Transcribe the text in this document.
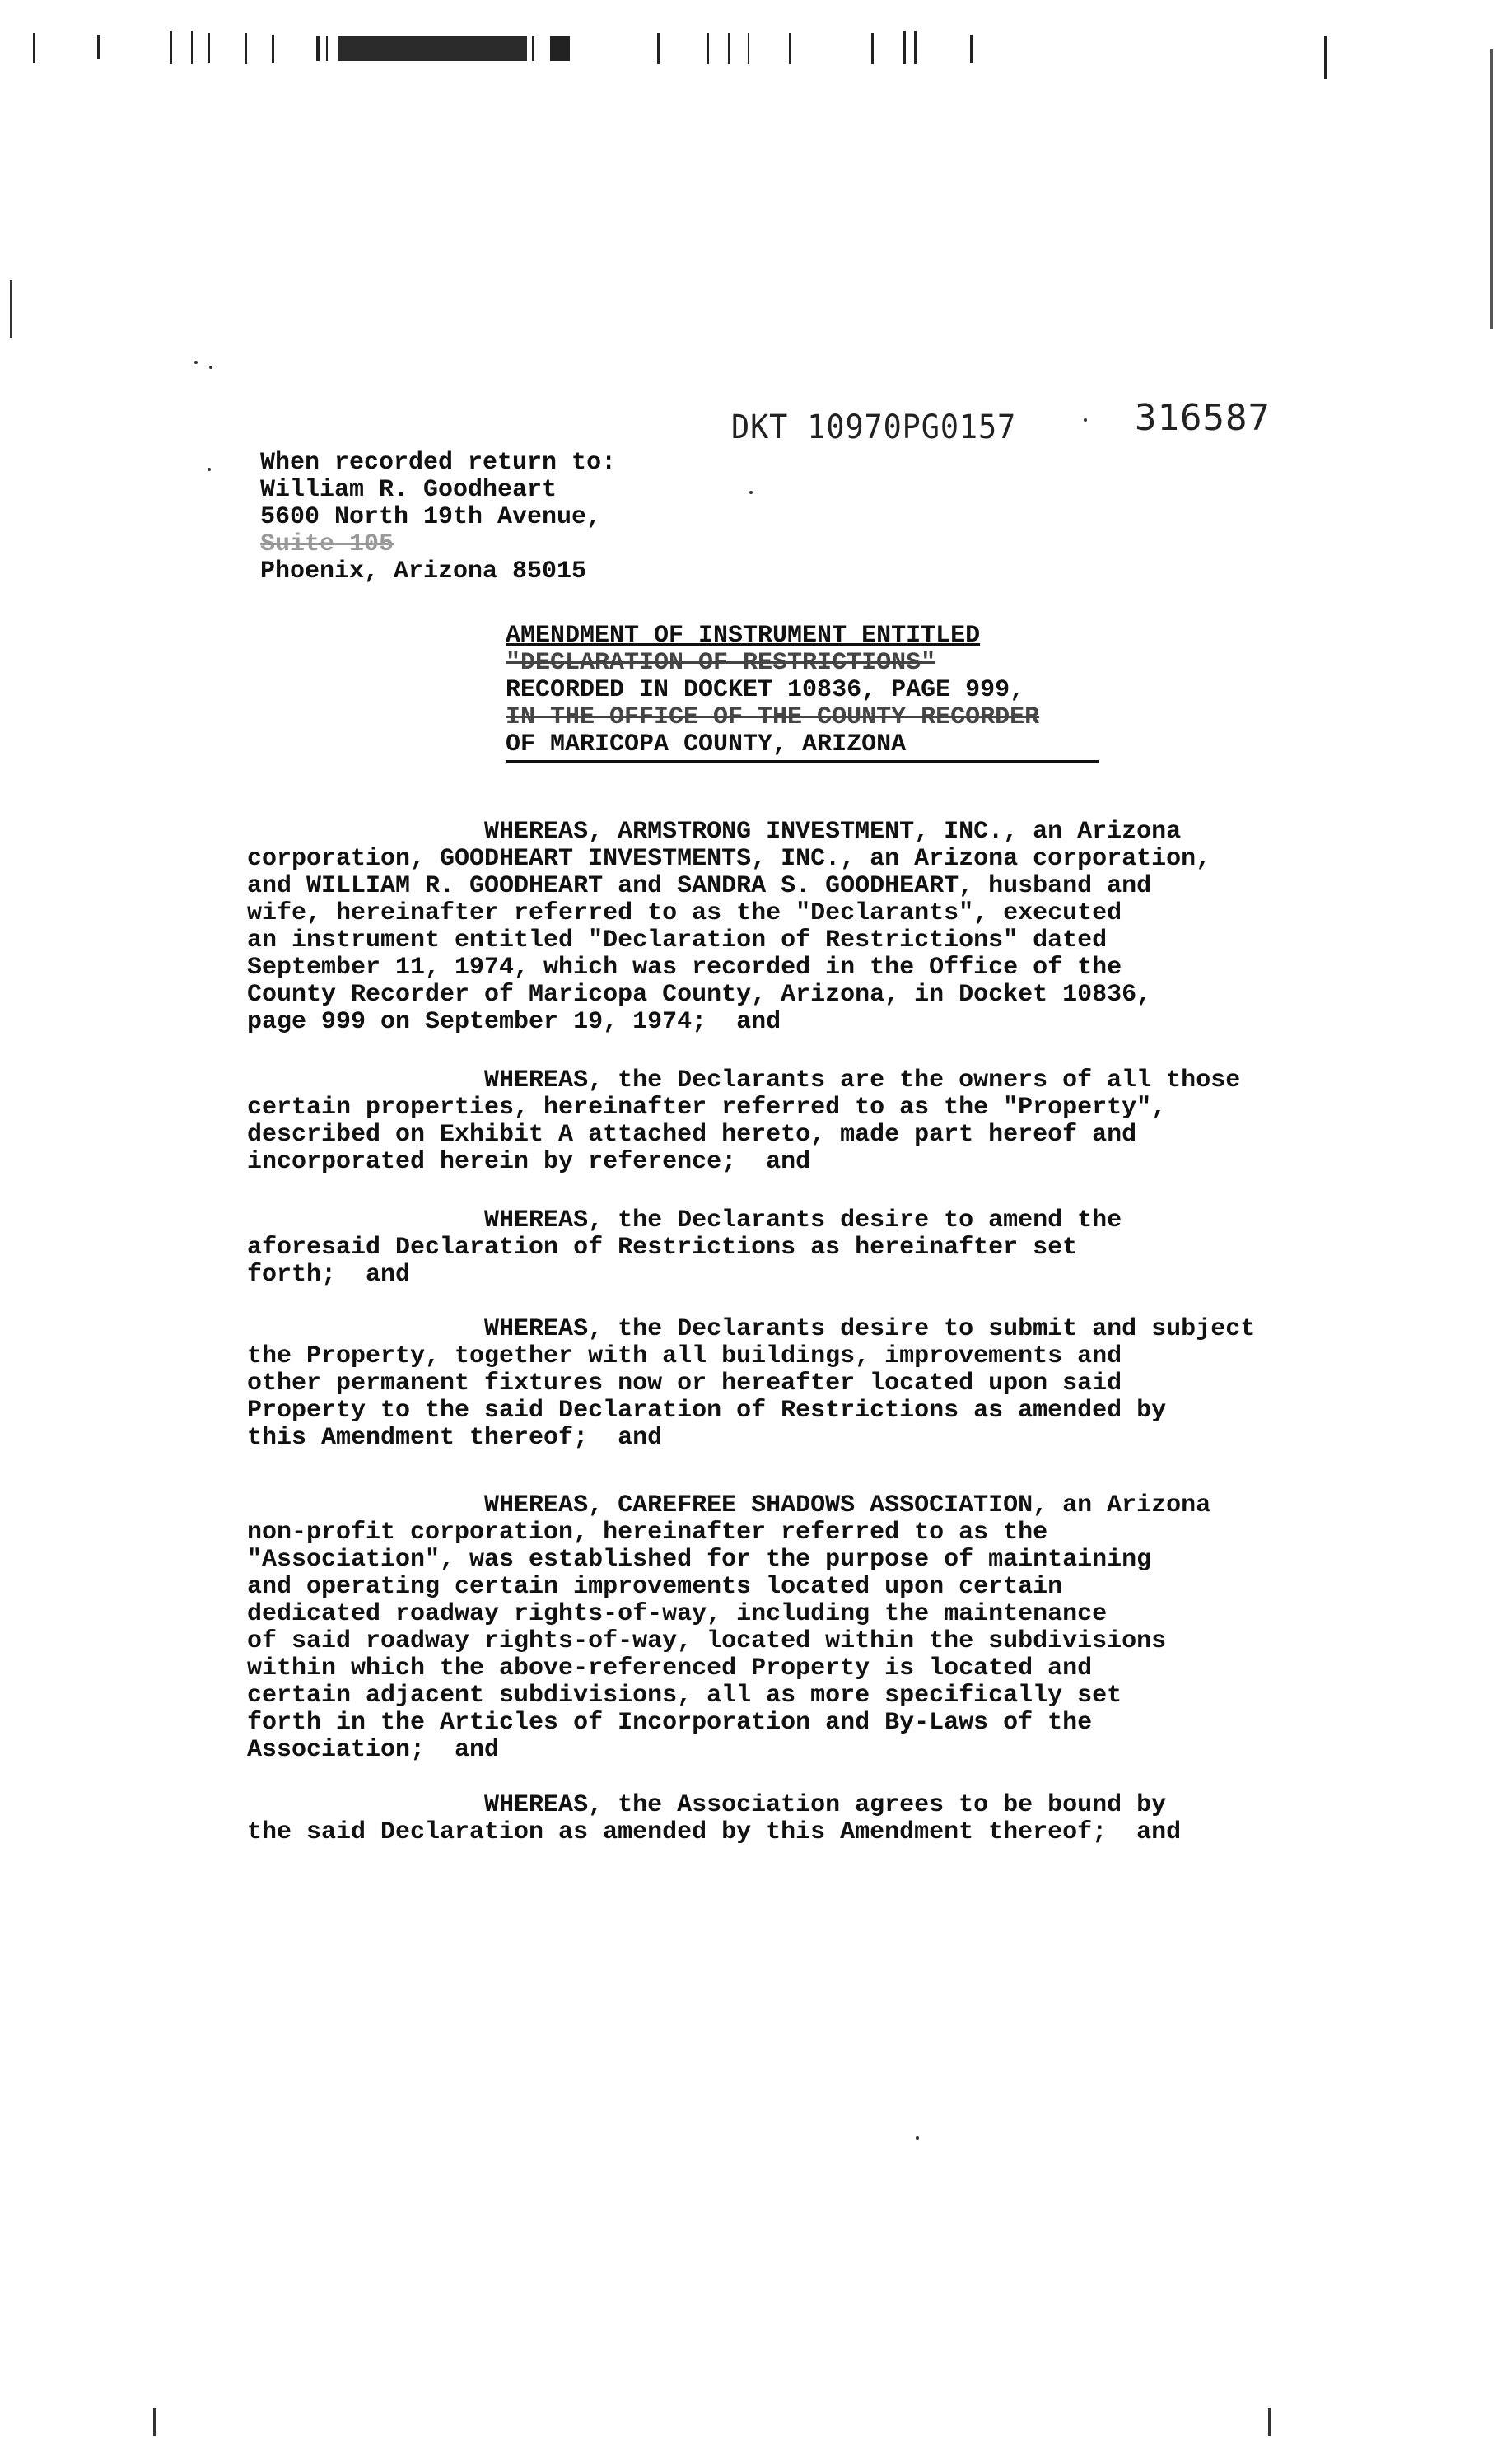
DKT 10970PG0157	316587
When recorded return to:
William R. Goodheart
5600 North 19th Avenue,
Suite 105
Phoenix, Arizona 85015
AMENDMENT OF INSTRUMENT ENTITLED
"DECLARATION OF RESTRICTIONS"
RECORDED IN DOCKET 10836, PAGE 999,
IN THE OFFICE OF THE COUNTY RECORDER
OF MARICOPA COUNTY, ARIZONA
WHEREAS, ARMSTRONG INVESTMENT, INC., an Arizona
corporation, GOODHEART INVESTMENTS, INC., an Arizona corporation,
and WILLIAM R. GOODHEART and SANDRA S. GOODHEART, husband and
wife, hereinafter referred to as the "Declarants", executed
an instrument entitled "Declaration of Restrictions" dated
September 11, 1974, which was recorded in the Office of the
County Recorder of Maricopa County, Arizona, in Docket 10836,
page 999 on September 19, 1974;  and
WHEREAS, the Declarants are the owners of all those
certain properties, hereinafter referred to as the "Property",
described on Exhibit A attached hereto, made part hereof and
incorporated herein by reference;  and
WHEREAS, the Declarants desire to amend the
aforesaid Declaration of Restrictions as hereinafter set
forth;  and
WHEREAS, the Declarants desire to submit and subject
the Property, together with all buildings, improvements and
other permanent fixtures now or hereafter located upon said
Property to the said Declaration of Restrictions as amended by
this Amendment thereof;  and
WHEREAS, CAREFREE SHADOWS ASSOCIATION, an Arizona
non-profit corporation, hereinafter referred to as the
"Association", was established for the purpose of maintaining
and operating certain improvements located upon certain
dedicated roadway rights-of-way, including the maintenance
of said roadway rights-of-way, located within the subdivisions
within which the above-referenced Property is located and
certain adjacent subdivisions, all as more specifically set
forth in the Articles of Incorporation and By-Laws of the
Association;  and
WHEREAS, the Association agrees to be bound by
the said Declaration as amended by this Amendment thereof;  and
